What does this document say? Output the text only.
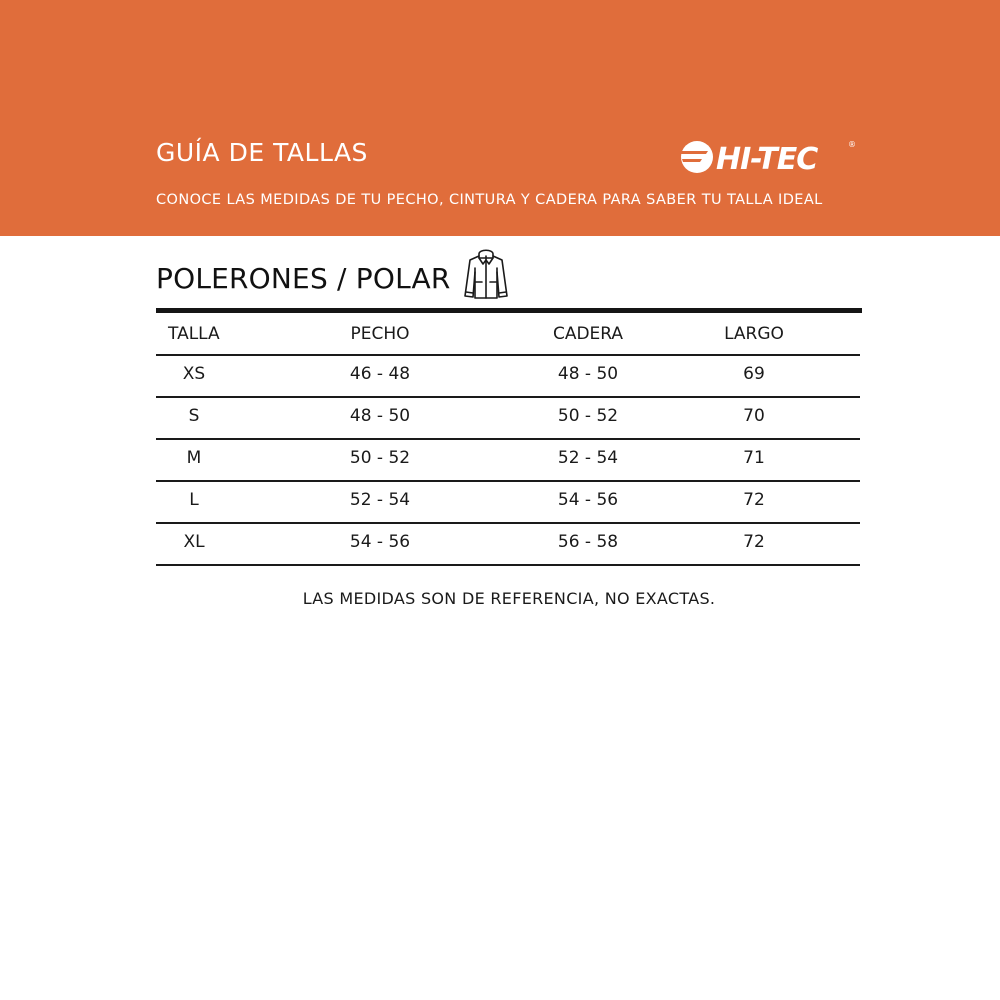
GUÍA DE TALLAS
CONOCE LAS MEDIDAS DE TU PECHO, CINTURA Y CADERA PARA SABER TU TALLA IDEAL
HI-TEC	®
POLERONES / POLAR
TALLA	PECHO	CADERA	LARGO
XS	46 - 48	48 - 50	69
S	48 - 50	50 - 52	70
M	50 - 52	52 - 54	71
L	52 - 54	54 - 56	72
XL	54 - 56	56 - 58	72
LAS MEDIDAS SON DE REFERENCIA, NO EXACTAS.
